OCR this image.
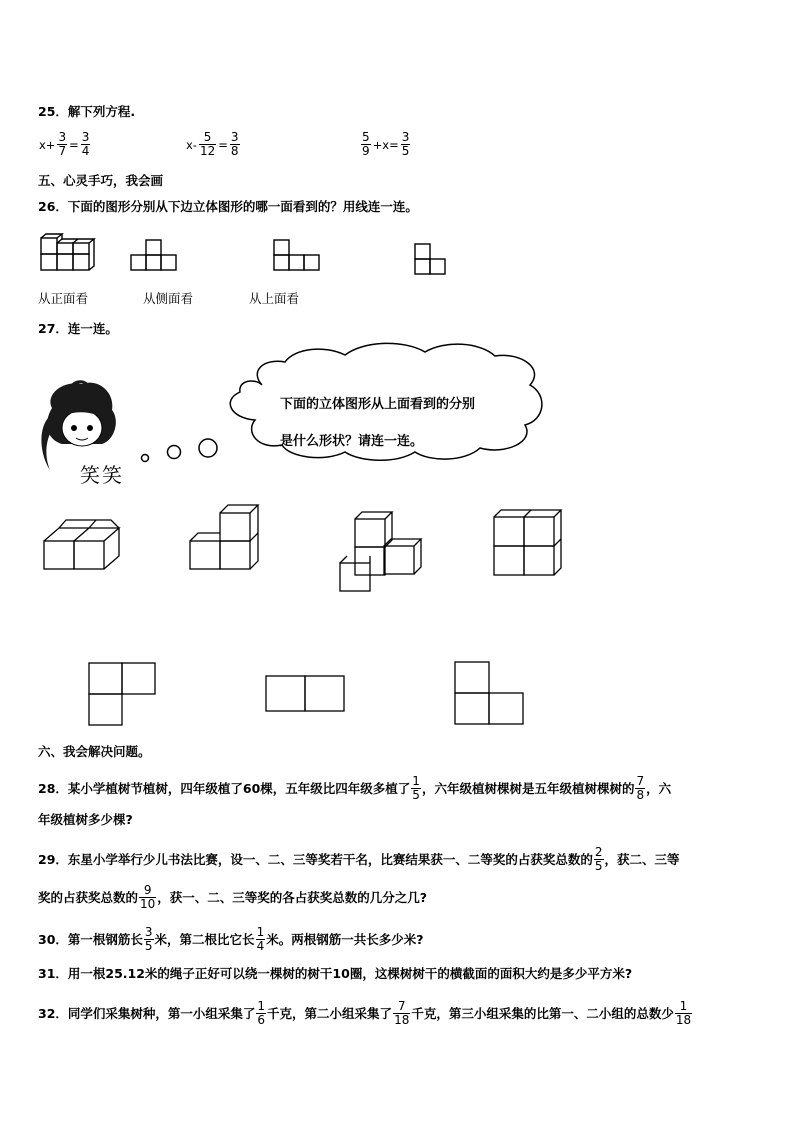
25．解下列方程.
$x+ \frac{3}{7} = \frac{3}{4}$	$x- \frac{5}{12} = \frac{3}{8}$	$\frac{5}{9} +x= \frac{3}{5}$
五、心灵手巧，我会画
26．下面的图形分别从下边立体图形的哪一面看到的？用线连一连。
从正面看	从侧面看	从上面看
27．连一连。
下面的立体图形从上面看到的分别
是什么形状？请连一连。
笑笑
六、我会解决问题。
28．某小学植树节植树，四年级植了60棵，五年级比四年级多植了 $\frac{1}{5}$ ，六年级植树棵树是五年级植树棵树的 $\frac{7}{8}$ ，六
年级植树多少棵?
29．东星小学举行少儿书法比赛，设一、二、三等奖若干名，比赛结果获一、二等奖的占获奖总数的 $\frac{2}{5}$ ，获二、三等
奖的占获奖总数的 $\frac{9}{10}$ ，获一、二、三等奖的各占获奖总数的几分之几?
30．第一根钢筋长 $\frac{3}{5}$ 米，第二根比它长 $\frac{1}{4}$ 米。两根钢筋一共长多少米?
31．用一根25.12米的绳子正好可以绕一棵树的树干10圈，这棵树树干的横截面的面积大约是多少平方米?
32．同学们采集树种，第一小组采集了 $\frac{1}{6}$ 千克，第二小组采集了 $\frac{7}{18}$ 千克，第三小组采集的比第一、二小组的总数少 $\frac{1}{18}$
